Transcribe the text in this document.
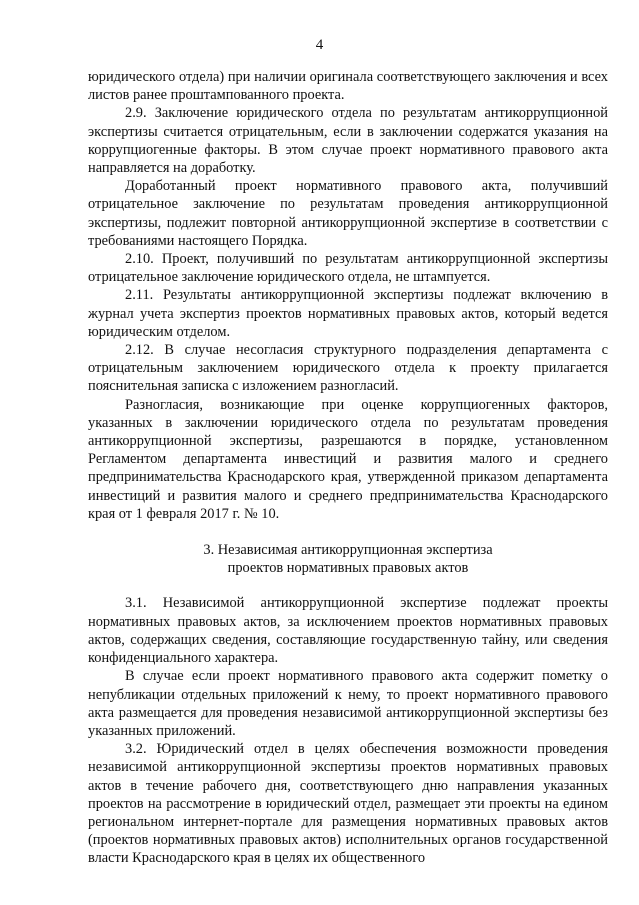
4

юридического отдела) при наличии оригинала соответствующего заключения и всех листов ранее проштампованного проекта.

2.9. Заключение юридического отдела по результатам антикоррупционной экспертизы считается отрицательным, если в заключении содержатся указания на коррупциогенные факторы. В этом случае проект нормативного правового акта направляется на доработку.

Доработанный проект нормативного правового акта, получивший отрицательное заключение по результатам проведения антикоррупционной экспертизы, подлежит повторной антикоррупционной экспертизе в соответствии с требованиями настоящего Порядка.

2.10. Проект, получивший по результатам антикоррупционной экспертизы отрицательное заключение юридического отдела, не штампуется.

2.11. Результаты антикоррупционной экспертизы подлежат включению в журнал учета экспертиз проектов нормативных правовых актов, который ведется юридическим отделом.

2.12. В случае несогласия структурного подразделения департамента с отрицательным заключением юридического отдела к проекту прилагается пояснительная записка с изложением разногласий.

Разногласия, возникающие при оценке коррупциогенных факторов, указанных в заключении юридического отдела по результатам проведения антикоррупционной экспертизы, разрешаются в порядке, установленном Регламентом департамента инвестиций и развития малого и среднего предпринимательства Краснодарского края, утвержденной приказом департамента инвестиций и развития малого и среднего предпринимательства Краснодарского края от 1 февраля 2017 г. № 10.

3. Независимая антикоррупционная экспертиза
проектов нормативных правовых актов

3.1. Независимой антикоррупционной экспертизе подлежат проекты нормативных правовых актов, за исключением проектов нормативных правовых актов, содержащих сведения, составляющие государственную тайну, или сведения конфиденциального характера.

В случае если проект нормативного правового акта содержит пометку о непубликации отдельных приложений к нему, то проект нормативного правового акта размещается для проведения независимой антикоррупционной экспертизы без указанных приложений.

3.2. Юридический отдел в целях обеспечения возможности проведения независимой антикоррупционной экспертизы проектов нормативных правовых актов в течение рабочего дня, соответствующего дню направления указанных проектов на рассмотрение в юридический отдел, размещает эти проекты на едином региональном интернет-портале для размещения нормативных правовых актов (проектов нормативных правовых актов) исполнительных органов государственной власти Краснодарского края в целях их общественного
